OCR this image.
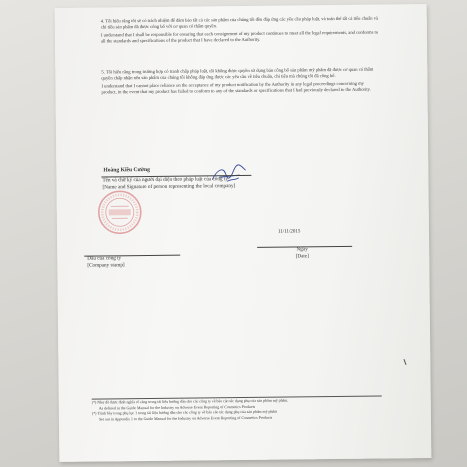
4. Tôi hiểu rằng tôi sẽ có trách nhiệm để đảm bảo tất cả các sản phẩm của chúng tôi đều đáp ứng các yêu cầu pháp luật, và toàn thể tất cả tiêu chuẩn và chỉ tiêu sản phẩm đã được công bố với cơ quan có thẩm quyền.

I understand that I shall be responsible for ensuring that each consignment of my product continues to meet all the legal requirements, and conforms to all the standards and specifications of the product that I have declared to the Authority.

5. Tôi hiểu rằng trong trường hợp có tranh chấp pháp luật, tôi không được quyền sử dụng bản công bố sản phẩm mỹ phẩm đã được cơ quan có thẩm quyền chấp nhận nếu sản phẩm của chúng tôi không đáp ứng được các yêu cầu về tiêu chuẩn, chỉ tiêu mà chúng tôi đã công bố.

I understand that I cannot place reliance on the acceptance of my product notification by the Authority in any legal proceedings concerning my product, in the event that my product has failed to conform to any of the standards or specifications that I had previously declared to the Authority.

Hoàng Kiều Cường
Tên và chữ ký của người đại diện theo pháp luật của công ty
[Name and Signature of person representing the local company]
11/11/2015
Dấu của công ty
[Company stamp]
Ngày
[Date]

(*) Như đã được định nghĩa rõ ràng trong tài liệu hướng dẫn cho các công ty về báo cáo tác dụng phụ của sản phẩm mỹ phẩm.

As defined in the Guide Manual for the Industry on Adverse Event Reporting of Cosmetics Products

(*) Trình bày trong phụ lục 1 trong tài liệu hướng dẫn cho các công ty về báo cáo tác dụng phụ của sản phẩm mỹ phẩm

Set out in Appendix 1 to the Guide Manual for the Industry on Adverse Event Reporting of Cosmetics Products
